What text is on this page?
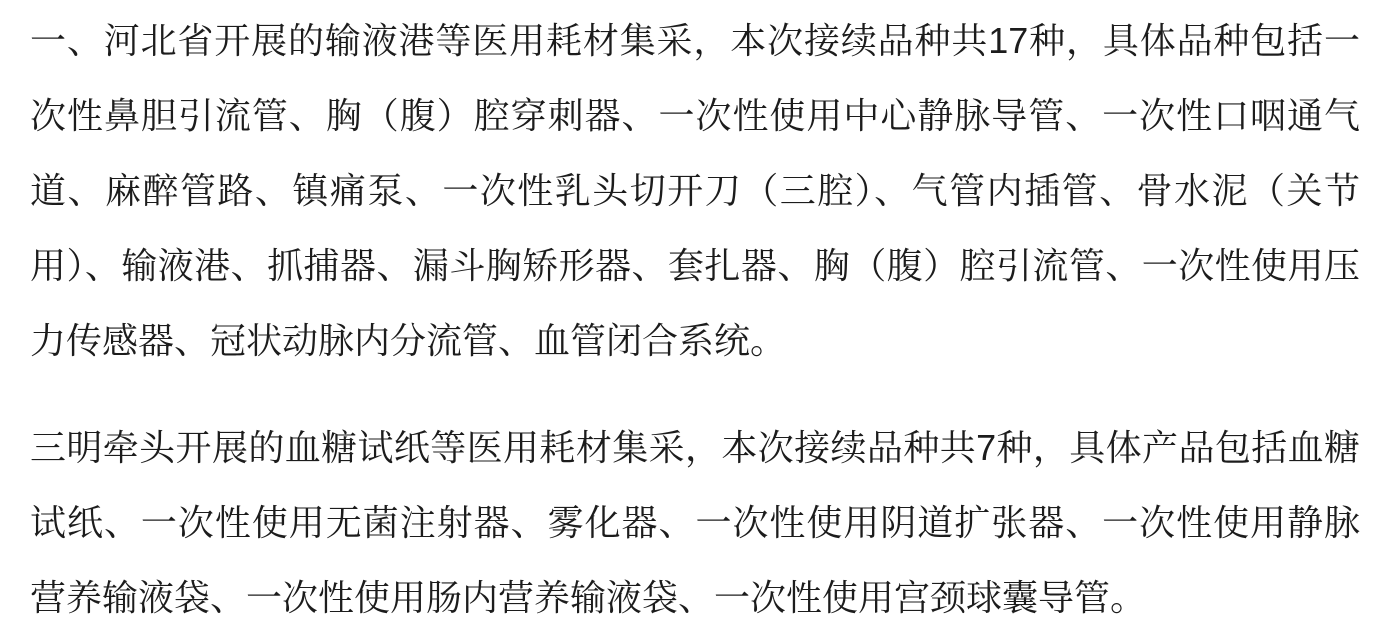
一、河北省开展的输液港等医用耗材集采，本次接续品种共17种，具体品种包括一次性鼻胆引流管、胸（腹）腔穿刺器、一次性使用中心静脉导管、一次性口咽通气道、麻醉管路、镇痛泵、一次性乳头切开刀（三腔）、气管内插管、骨水泥（关节用）、输液港、抓捕器、漏斗胸矫形器、套扎器、胸（腹）腔引流管、一次性使用压力传感器、冠状动脉内分流管、血管闭合系统。

三明牵头开展的血糖试纸等医用耗材集采，本次接续品种共7种，具体产品包括血糖试纸、一次性使用无菌注射器、雾化器、一次性使用阴道扩张器、一次性使用静脉营养输液袋、一次性使用肠内营养输液袋、一次性使用宫颈球囊导管。
